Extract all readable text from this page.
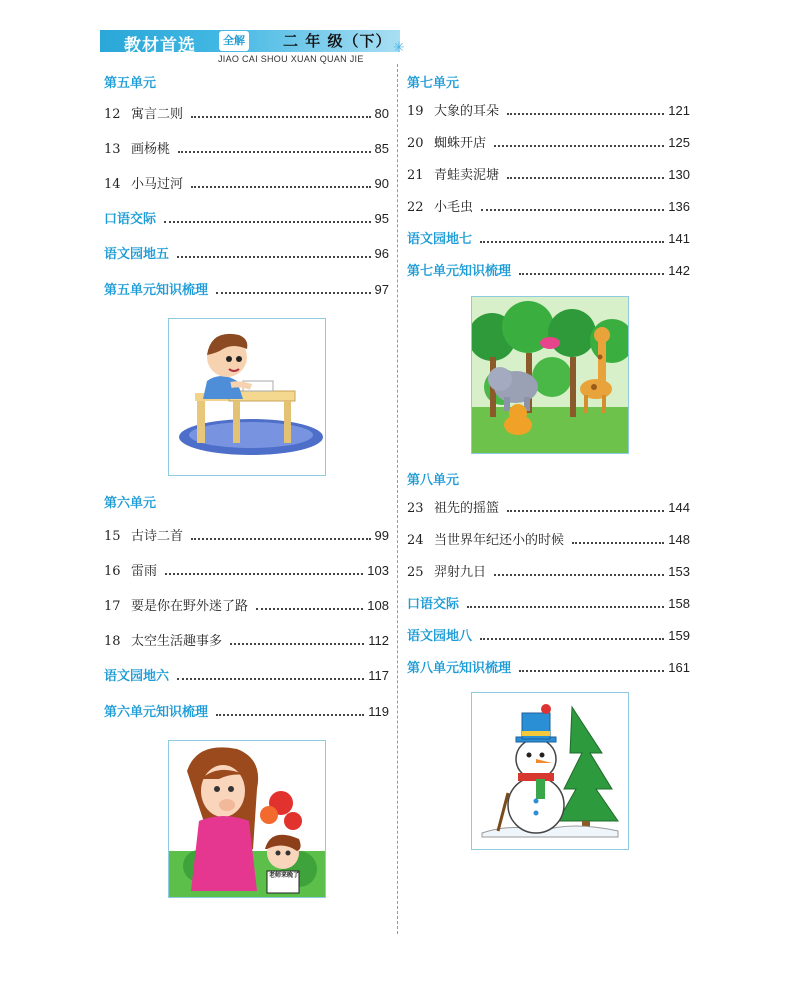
教材首选	全解	二 年 级（下）
JIAO CAI SHOU XUAN QUAN JIE
✳
第五单元
12 寓言二则	80
13 画杨桃	85
14 小马过河	90
口语交际	95
语文园地五	96
第五单元知识梳理	97
第六单元
15 古诗二首	99
16 雷雨	103
17 要是你在野外迷了路	108
18 太空生活趣事多	112
语文园地六	117
第六单元知识梳理	119
老师来晚了
第七单元
19 大象的耳朵	121
20 蜘蛛开店	125
21 青蛙卖泥塘	130
22 小毛虫	136
语文园地七	141
第七单元知识梳理	142
第八单元
23 祖先的摇篮	144
24 当世界年纪还小的时候	148
25 羿射九日	153
口语交际	158
语文园地八	159
第八单元知识梳理	161
